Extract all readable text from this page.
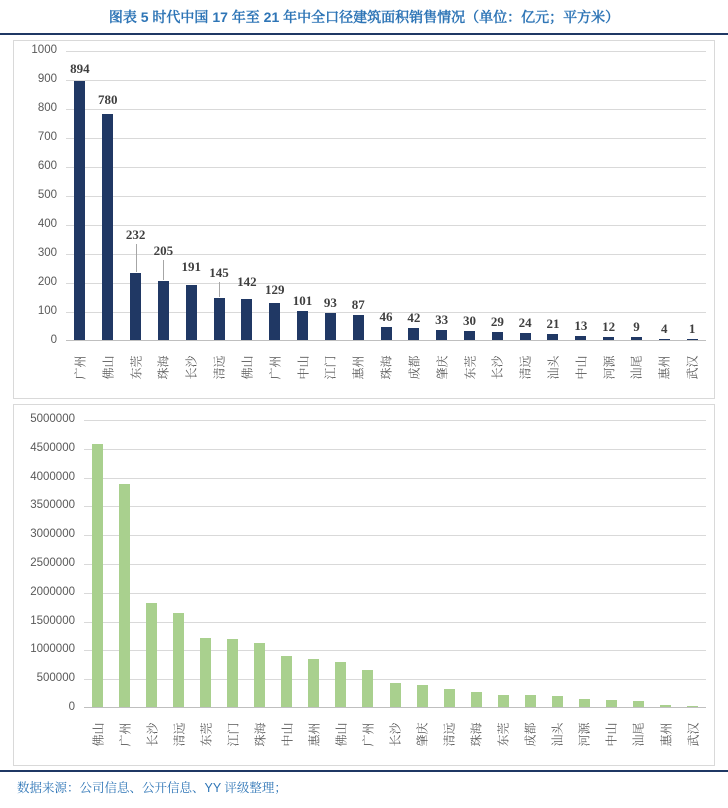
图表 5 时代中国 17 年至 21 年中全口径建筑面积销售情况（单位：亿元；平方米）
0
100
200
300
400
500
600
700
800
900
1000
894
780
232
205
191 145
142
129
101 93 87
46 42 33 30 29 24 21 13 12 9 4 1
广州 佛山 东莞 珠海 长沙 清远 佛山 广州 中山 江门 惠州 珠海 成都 肇庆 东莞 长沙 清远 汕头 中山 河源 汕尾 惠州 武汉
0
500000
1000000
1500000
2000000
2500000
3000000
3500000
4000000
4500000
5000000
佛山 广州 长沙 清远 东莞 江门 珠海 中山 惠州 佛山 广州 长沙 肇庆 清远 珠海 东莞 成都 汕头 河源 中山 汕尾 惠州 武汉
数据来源：公司信息、公开信息、YY 评级整理；
